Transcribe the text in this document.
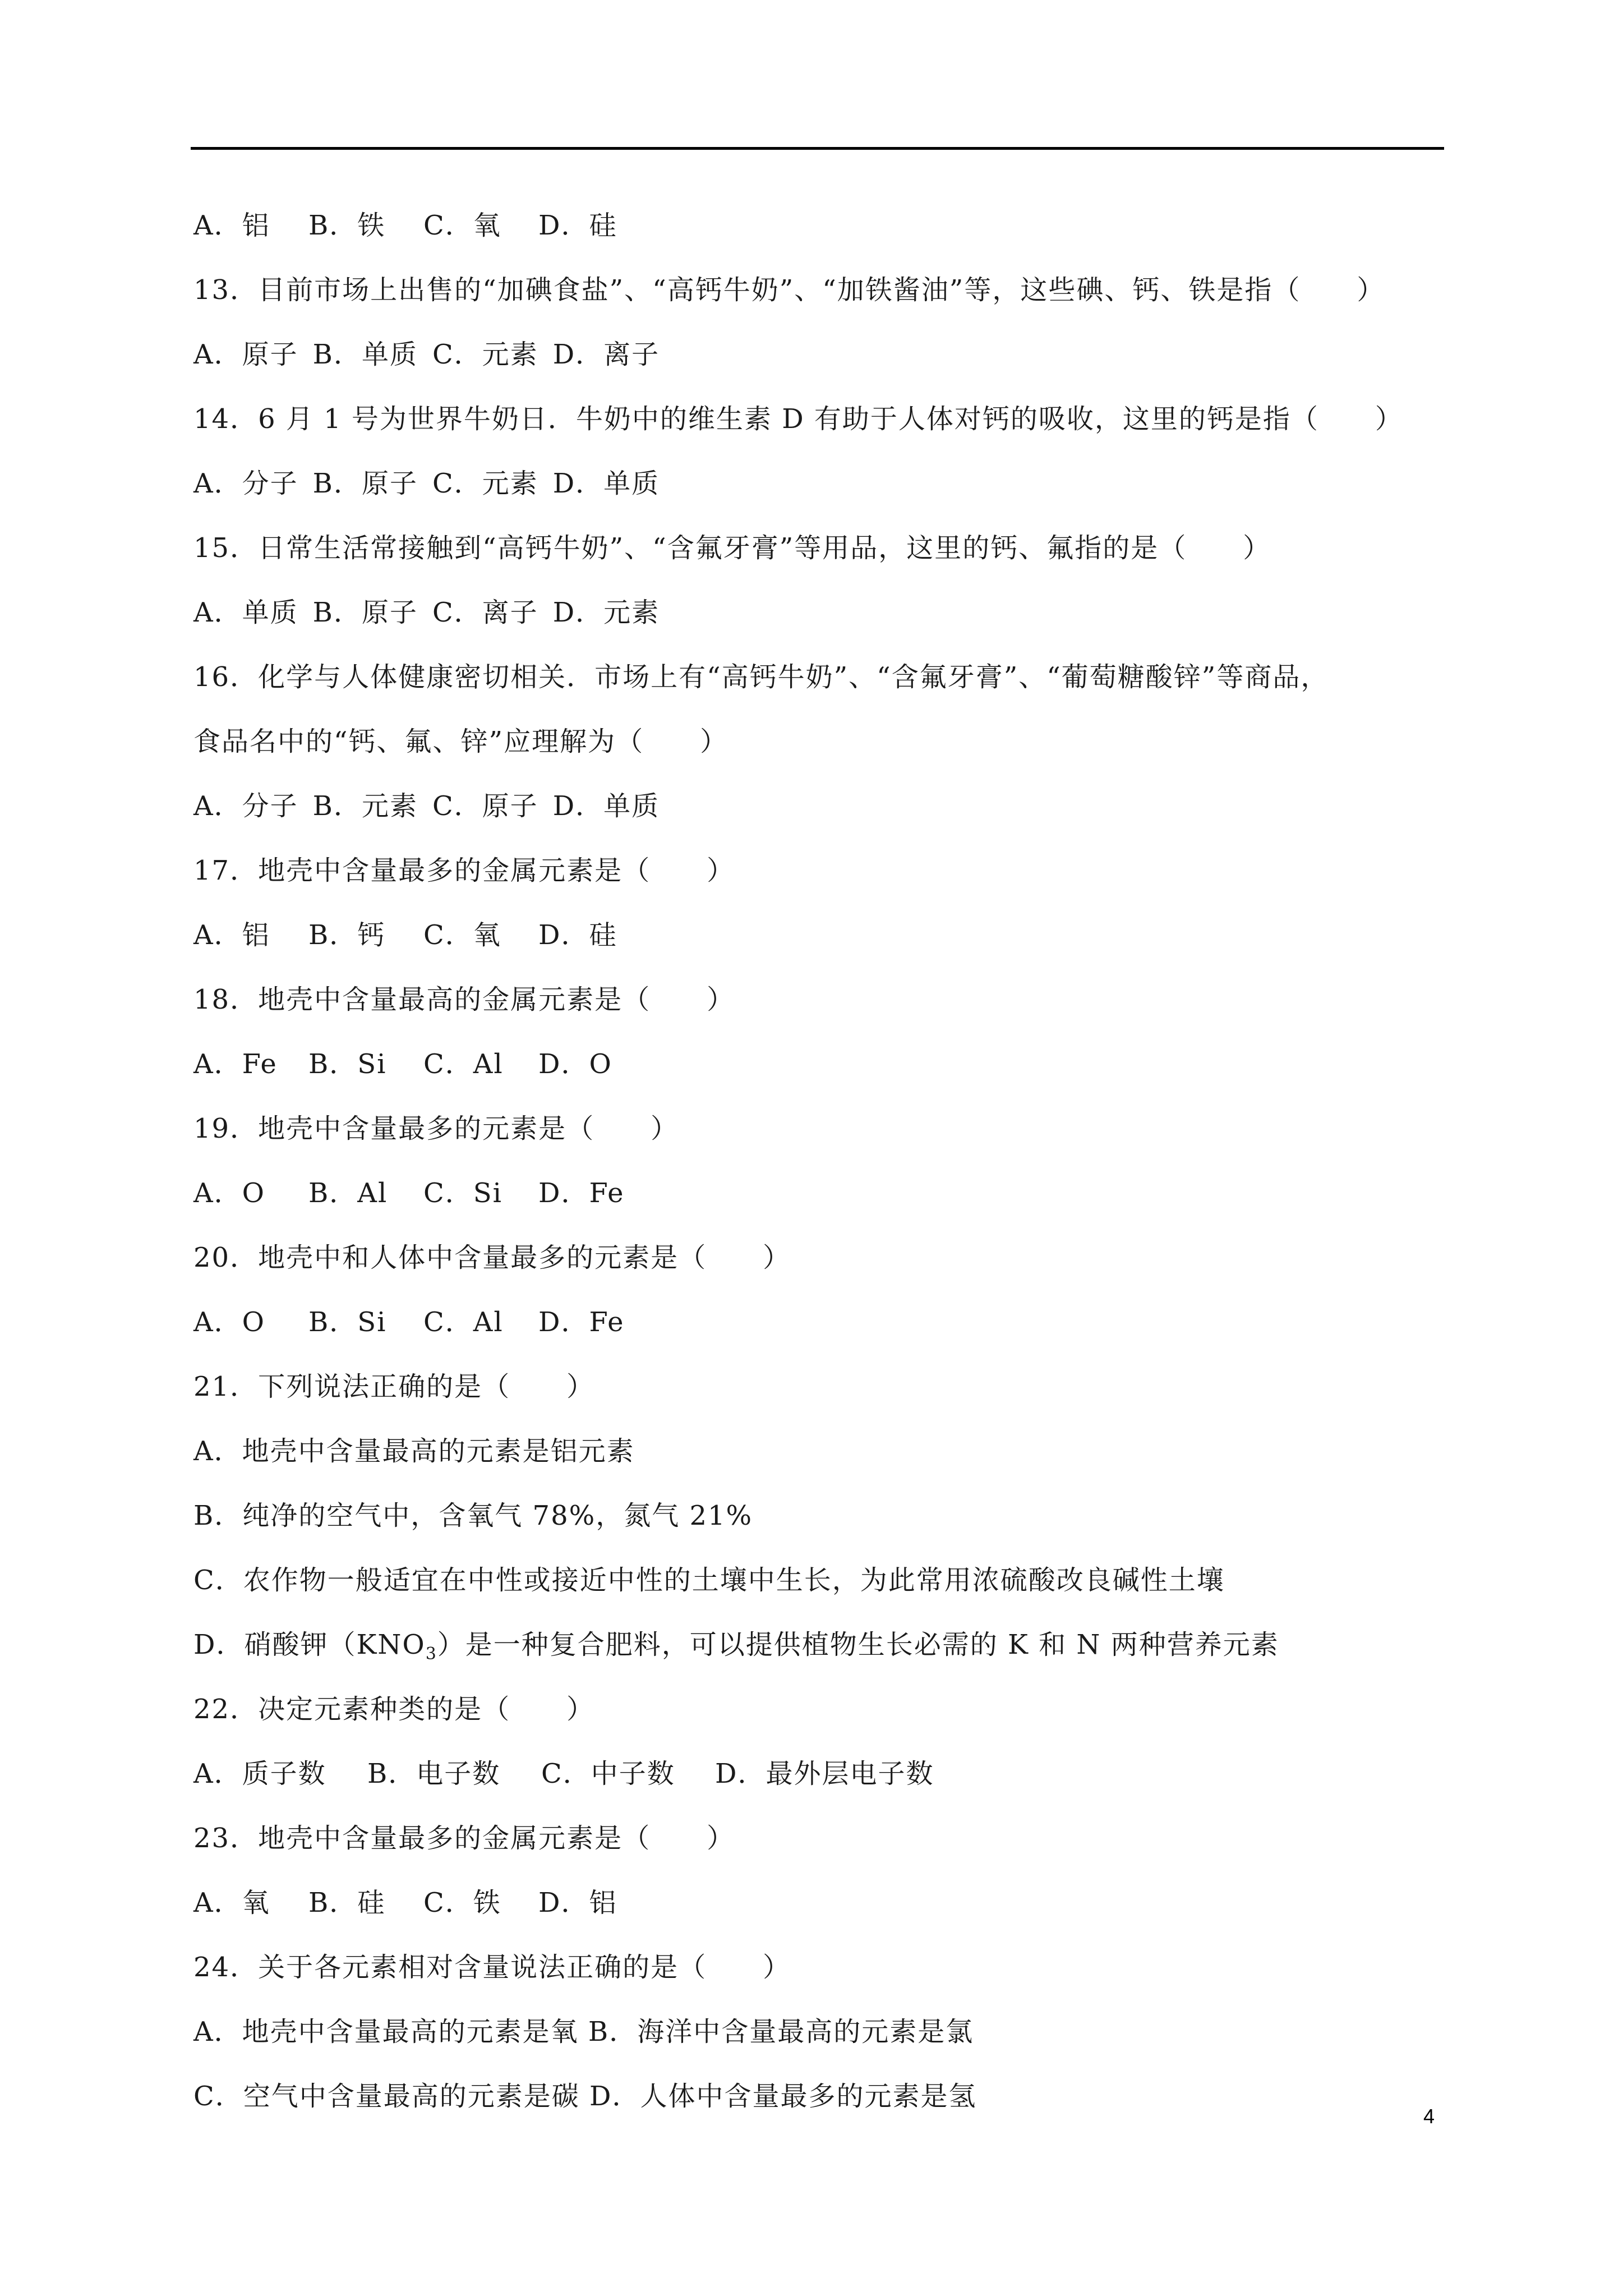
A．铝	B．铁	C．氧	D．硅
13．目前市场上出售的“加碘食盐”、“高钙牛奶”、“加铁酱油”等，这些碘、钙、铁是指（　　）
A．原子 B．单质 C．元素 D．离子
14．6 月 1 号为世界牛奶日．牛奶中的维生素 D 有助于人体对钙的吸收，这里的钙是指（　　）
A．分子 B．原子 C．元素 D．单质
15．日常生活常接触到“高钙牛奶”、“含氟牙膏”等用品，这里的钙、氟指的是（　　）
A．单质 B．原子 C．离子 D．元素
16．化学与人体健康密切相关．市场上有“高钙牛奶”、“含氟牙膏”、“葡萄糖酸锌”等商品，
食品名中的“钙、氟、锌”应理解为（　　）
A．分子 B．元素 C．原子 D．单质
17．地壳中含量最多的金属元素是（　　）
A．铝	B．钙	C．氧	D．硅
18．地壳中含量最高的金属元素是（　　）
A．Fe	B．Si	C．Al	D．O
19．地壳中含量最多的元素是（　　）
A．O	B．Al	C．Si	D．Fe
20．地壳中和人体中含量最多的元素是（　　）
A．O	B．Si	C．Al	D．Fe
21．下列说法正确的是（　　）
A．地壳中含量最高的元素是铝元素
B．纯净的空气中，含氧气 78%，氮气 21%
C．农作物一般适宜在中性或接近中性的土壤中生长，为此常用浓硫酸改良碱性土壤
D．硝酸钾$(KNO_3)$是一种复合肥料，可以提供植物生长必需的 K 和 N 两种营养元素
22．决定元素种类的是（　　）
A．质子数	B．电子数	C．中子数	D．最外层电子数
23．地壳中含量最多的金属元素是（　　）
A．氧	B．硅	C．铁	D．铝
24．关于各元素相对含量说法正确的是（　　）
A．地壳中含量最高的元素是氧 B．海洋中含量最高的元素是氯
C．空气中含量最高的元素是碳 D．人体中含量最多的元素是氢
4
